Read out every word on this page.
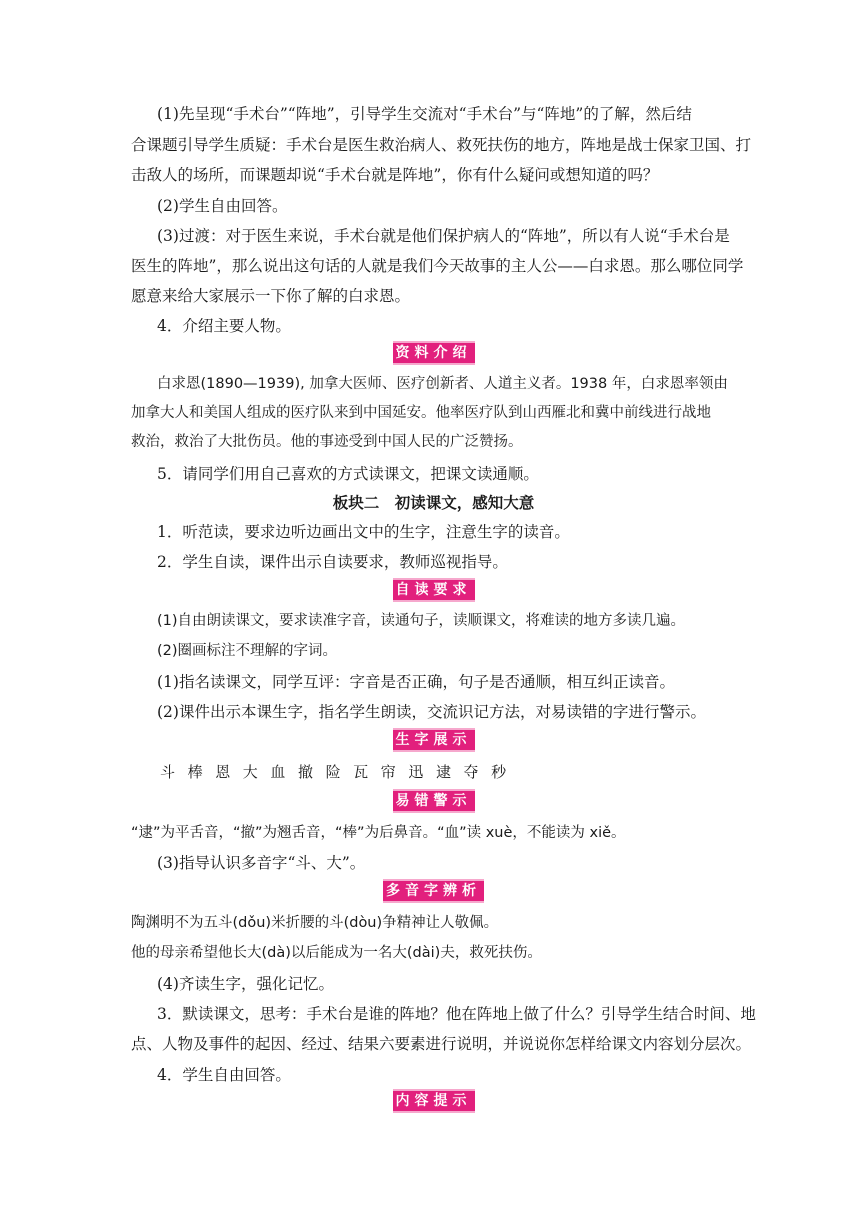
(1)先呈现“手术台”“阵地”，引导学生交流对“手术台”与“阵地”的了解，然后结
合课题引导学生质疑：手术台是医生救治病人、救死扶伤的地方，阵地是战士保家卫国、打
击敌人的场所，而课题却说“手术台就是阵地”，你有什么疑问或想知道的吗？
(2)学生自由回答。
(3)过渡：对于医生来说，手术台就是他们保护病人的“阵地”，所以有人说“手术台是
医生的阵地”，那么说出这句话的人就是我们今天故事的主人公——白求恩。那么哪位同学
愿意来给大家展示一下你了解的白求恩。
4．介绍主要人物。
资料介绍
白求恩(1890—1939), 加拿大医师、医疗创新者、人道主义者。1938 年，白求恩率领由
加拿大人和美国人组成的医疗队来到中国延安。他率医疗队到山西雁北和冀中前线进行战地
救治，救治了大批伤员。他的事迹受到中国人民的广泛赞扬。
5．请同学们用自己喜欢的方式读课文，把课文读通顺。
板块二　初读课文，感知大意
1．听范读，要求边听边画出文中的生字，注意生字的读音。
2．学生自读，课件出示自读要求，教师巡视指导。
自读要求
(1)自由朗读课文，要求读准字音，读通句子，读顺课文，将难读的地方多读几遍。
(2)圈画标注不理解的字词。
(1)指名读课文，同学互评：字音是否正确，句子是否通顺，相互纠正读音。
(2)课件出示本课生字，指名学生朗读，交流识记方法，对易读错的字进行警示。
生字展示
斗 棒 恩 大 血 撤 险 瓦 帘 迅 逮 夺 秒
易错警示
“逮”为平舌音，“撤”为翘舌音，“棒”为后鼻音。“血”读 xuè，不能读为 xiě。
(3)指导认识多音字“斗、大”。
多音字辨析
陶渊明不为五斗(dǒu)米折腰的斗(dòu)争精神让人敬佩。
他的母亲希望他长大(dà)以后能成为一名大(dài)夫，救死扶伤。
(4)齐读生字，强化记忆。
3．默读课文，思考：手术台是谁的阵地？他在阵地上做了什么？引导学生结合时间、地
点、人物及事件的起因、经过、结果六要素进行说明，并说说你怎样给课文内容划分层次。
4．学生自由回答。
内容提示
